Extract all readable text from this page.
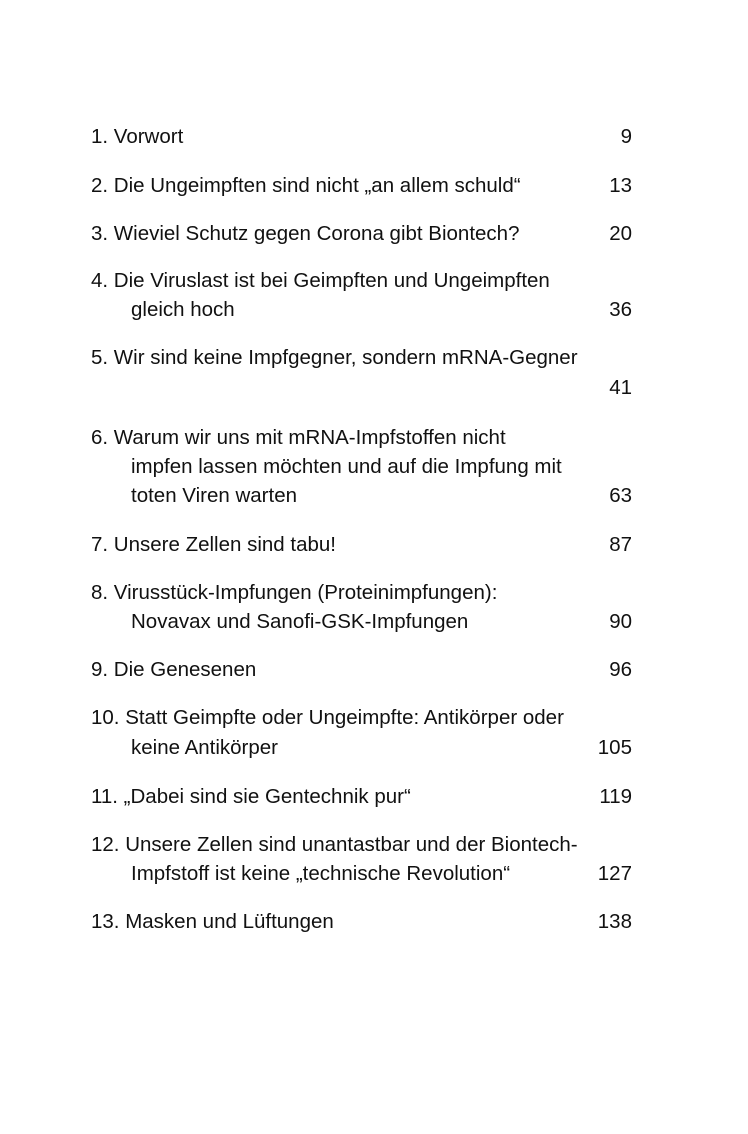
1. Vorwort	9
2. Die Ungeimpften sind nicht „an allem schuld“	13
3. Wieviel Schutz gegen Corona gibt Biontech?	20
4. Die Viruslast ist bei Geimpften und Ungeimpften
gleich hoch	36
5. Wir sind keine Impfgegner, sondern mRNA-Gegner
41
6. Warum wir uns mit mRNA-Impfstoffen nicht
impfen lassen möchten und auf die Impfung mit
toten Viren warten	63
7. Unsere Zellen sind tabu!	87
8. Virusstück-Impfungen (Proteinimpfungen):
Novavax und Sanofi-GSK-Impfungen	90
9. Die Genesenen	96
10. Statt Geimpfte oder Ungeimpfte: Antikörper oder
keine Antikörper	105
11. „Dabei sind sie Gentechnik pur“	119
12. Unsere Zellen sind unantastbar und der Biontech-
Impfstoff ist keine „technische Revolution“	127
13. Masken und Lüftungen	138
